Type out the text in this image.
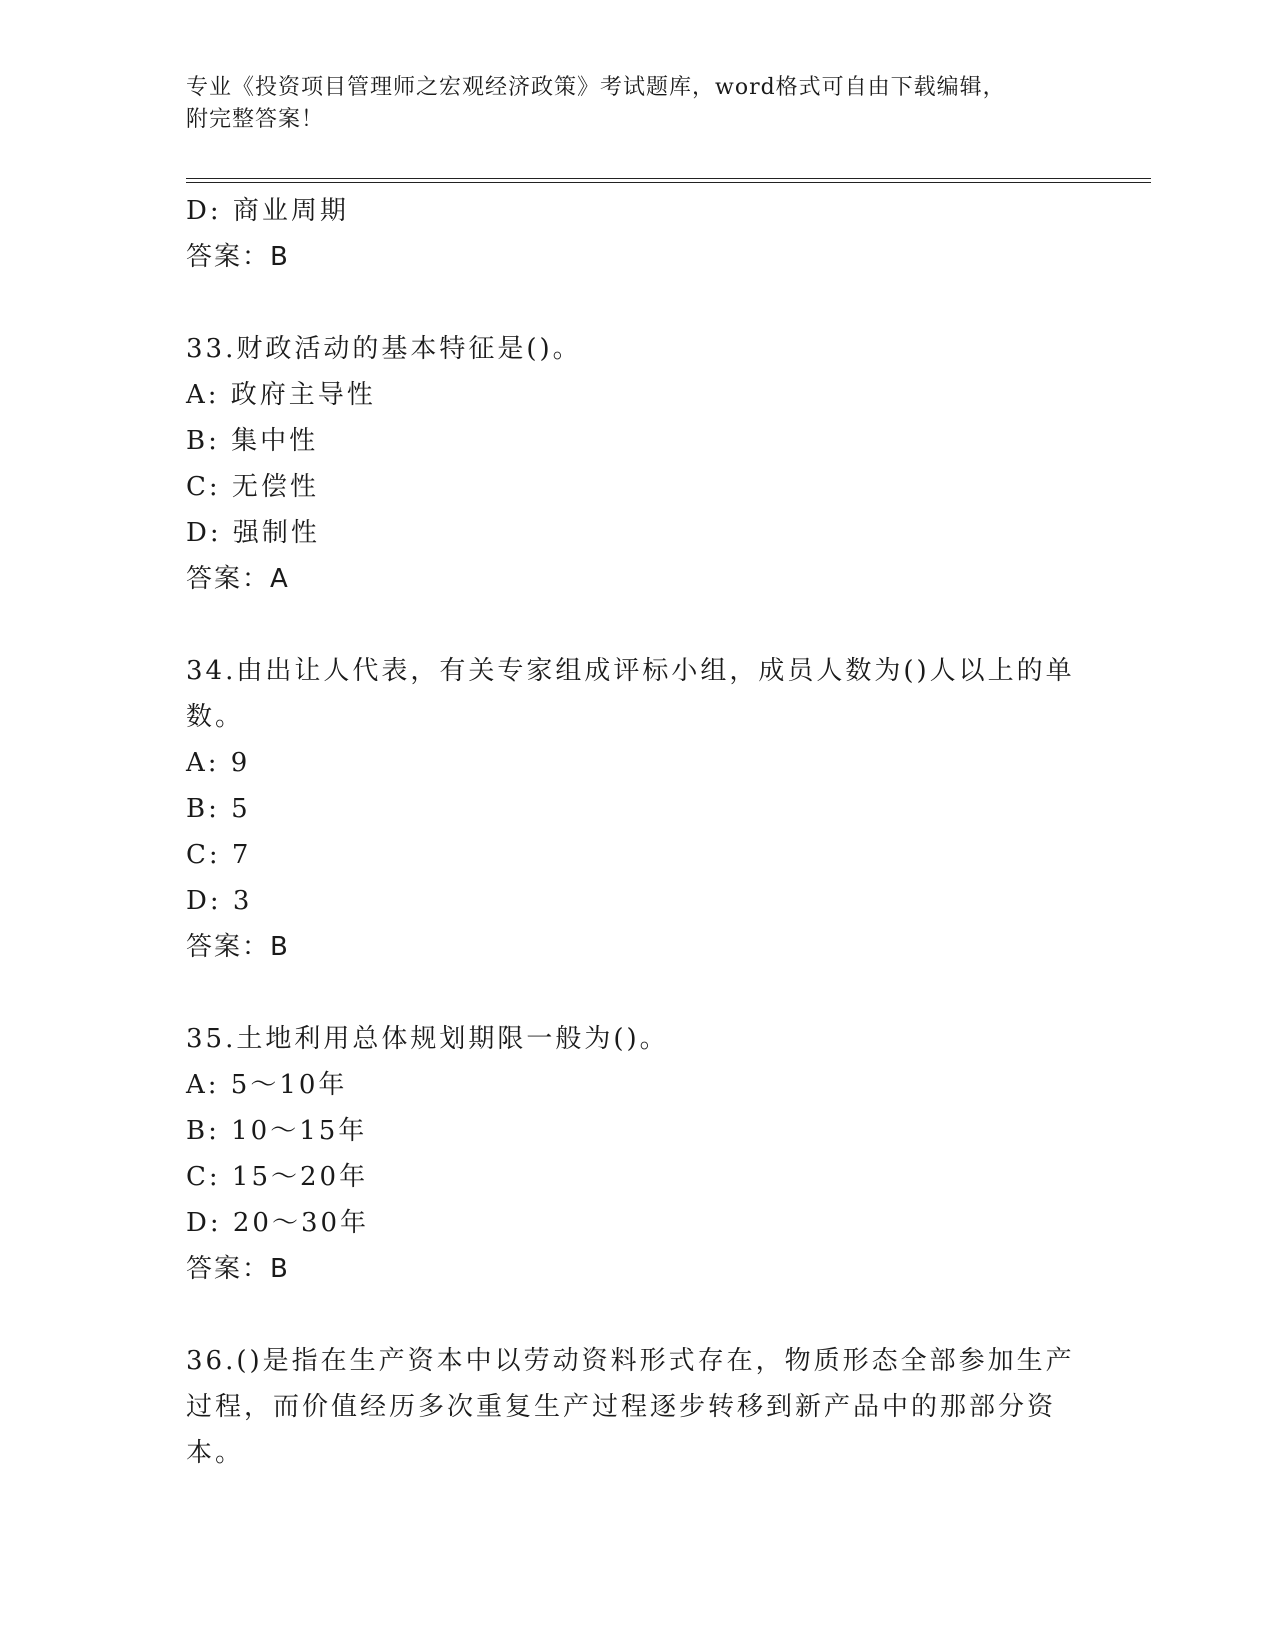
专业《投资项目管理师之宏观经济政策》考试题库，word格式可自由下载编辑，
附完整答案！
D: 商业周期
答案：B
33.财政活动的基本特征是()。
A: 政府主导性
B: 集中性
C: 无偿性
D: 强制性
答案：A
34.由出让人代表，有关专家组成评标小组，成员人数为()人以上的单
数。
A: 9
B: 5
C: 7
D: 3
答案：B
35.土地利用总体规划期限一般为()。
A: 5～10年
B: 10～15年
C: 15～20年
D: 20～30年
答案：B
36.()是指在生产资本中以劳动资料形式存在，物质形态全部参加生产
过程，而价值经历多次重复生产过程逐步转移到新产品中的那部分资
本。
